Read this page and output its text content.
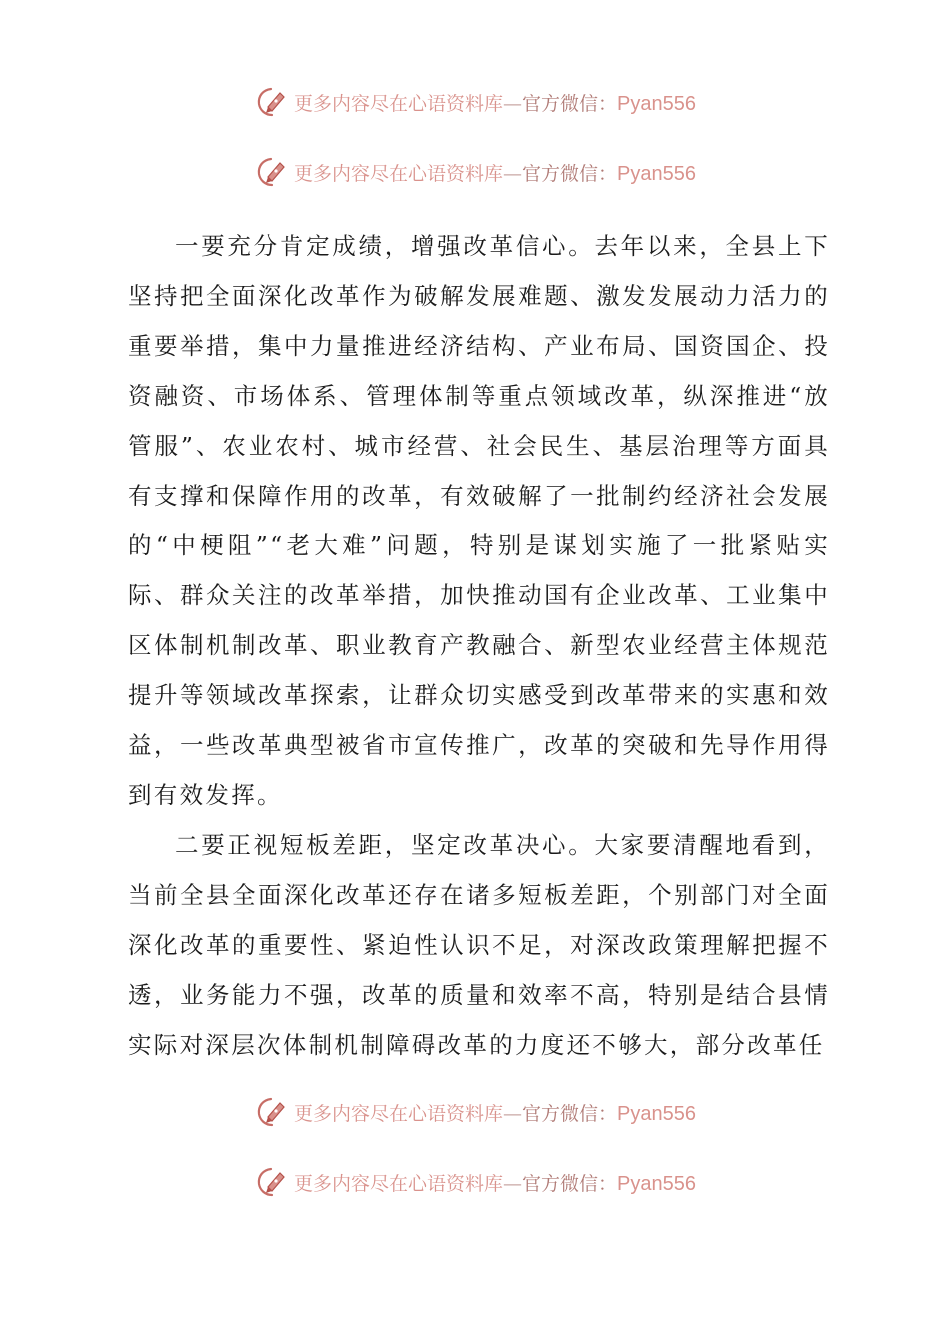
更多内容尽在心语资料库—官方微信：Pyan556
更多内容尽在心语资料库—官方微信：Pyan556

一要充分肯定成绩，增强改革信心。去年以来，全县上下坚持把全面深化改革作为破解发展难题、激发发展动力活力的重要举措，集中力量推进经济结构、产业布局、国资国企、投资融资、市场体系、管理体制等重点领域改革，纵深推进“放管服”、农业农村、城市经营、社会民生、基层治理等方面具有支撑和保障作用的改革，有效破解了一批制约经济社会发展的“中梗阻”“老大难”问题，特别是谋划实施了一批紧贴实际、群众关注的改革举措，加快推动国有企业改革、工业集中区体制机制改革、职业教育产教融合、新型农业经营主体规范提升等领域改革探索，让群众切实感受到改革带来的实惠和效益，一些改革典型被省市宣传推广，改革的突破和先导作用得到有效发挥。

二要正视短板差距，坚定改革决心。大家要清醒地看到，当前全县全面深化改革还存在诸多短板差距，个别部门对全面深化改革的重要性、紧迫性认识不足，对深改政策理解把握不透，业务能力不强，改革的质量和效率不高，特别是结合县情实际对深层次体制机制障碍改革的力度还不够大，部分改革任

更多内容尽在心语资料库—官方微信：Pyan556
更多内容尽在心语资料库—官方微信：Pyan556
